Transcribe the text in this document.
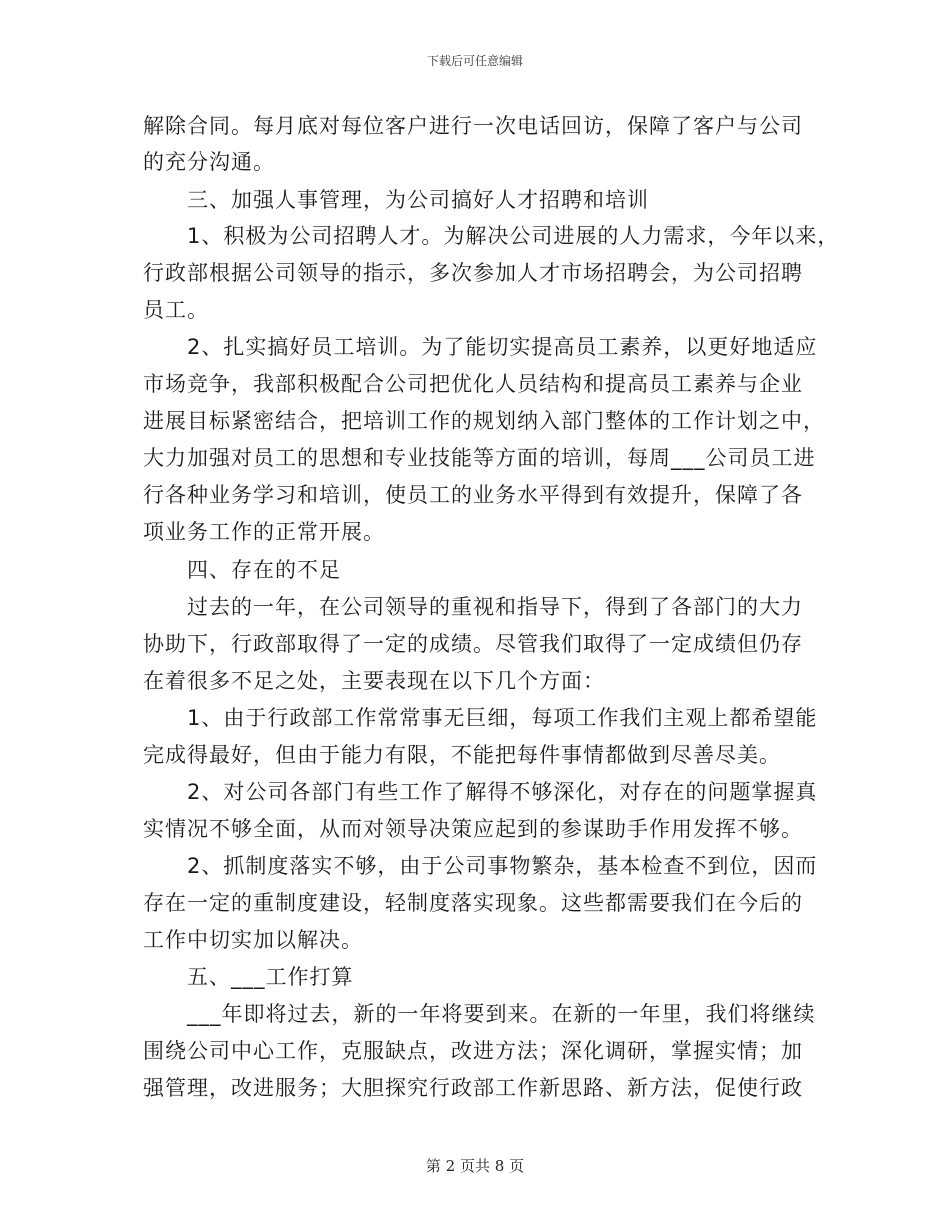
下载后可任意编辑
解除合同。每月底对每位客户进行一次电话回访，保障了客户与公司
的充分沟通。
三、加强人事管理，为公司搞好人才招聘和培训
1、积极为公司招聘人才。为解决公司进展的人力需求，今年以来，
行政部根据公司领导的指示，多次参加人才市场招聘会，为公司招聘
员工。
2、扎实搞好员工培训。为了能切实提高员工素养，以更好地适应
市场竞争，我部积极配合公司把优化人员结构和提高员工素养与企业
进展目标紧密结合，把培训工作的规划纳入部门整体的工作计划之中，
大力加强对员工的思想和专业技能等方面的培训，每周___公司员工进
行各种业务学习和培训，使员工的业务水平得到有效提升，保障了各
项业务工作的正常开展。
四、存在的不足
过去的一年，在公司领导的重视和指导下，得到了各部门的大力
协助下，行政部取得了一定的成绩。尽管我们取得了一定成绩但仍存
在着很多不足之处，主要表现在以下几个方面：
1、由于行政部工作常常事无巨细，每项工作我们主观上都希望能
完成得最好，但由于能力有限，不能把每件事情都做到尽善尽美。
2、对公司各部门有些工作了解得不够深化，对存在的问题掌握真
实情况不够全面，从而对领导决策应起到的参谋助手作用发挥不够。
2、抓制度落实不够，由于公司事物繁杂，基本检查不到位，因而
存在一定的重制度建设，轻制度落实现象。这些都需要我们在今后的
工作中切实加以解决。
五、___工作打算
___年即将过去，新的一年将要到来。在新的一年里，我们将继续
围绕公司中心工作，克服缺点，改进方法；深化调研，掌握实情；加
强管理，改进服务；大胆探究行政部工作新思路、新方法，促使行政
第 2 页共 8 页
